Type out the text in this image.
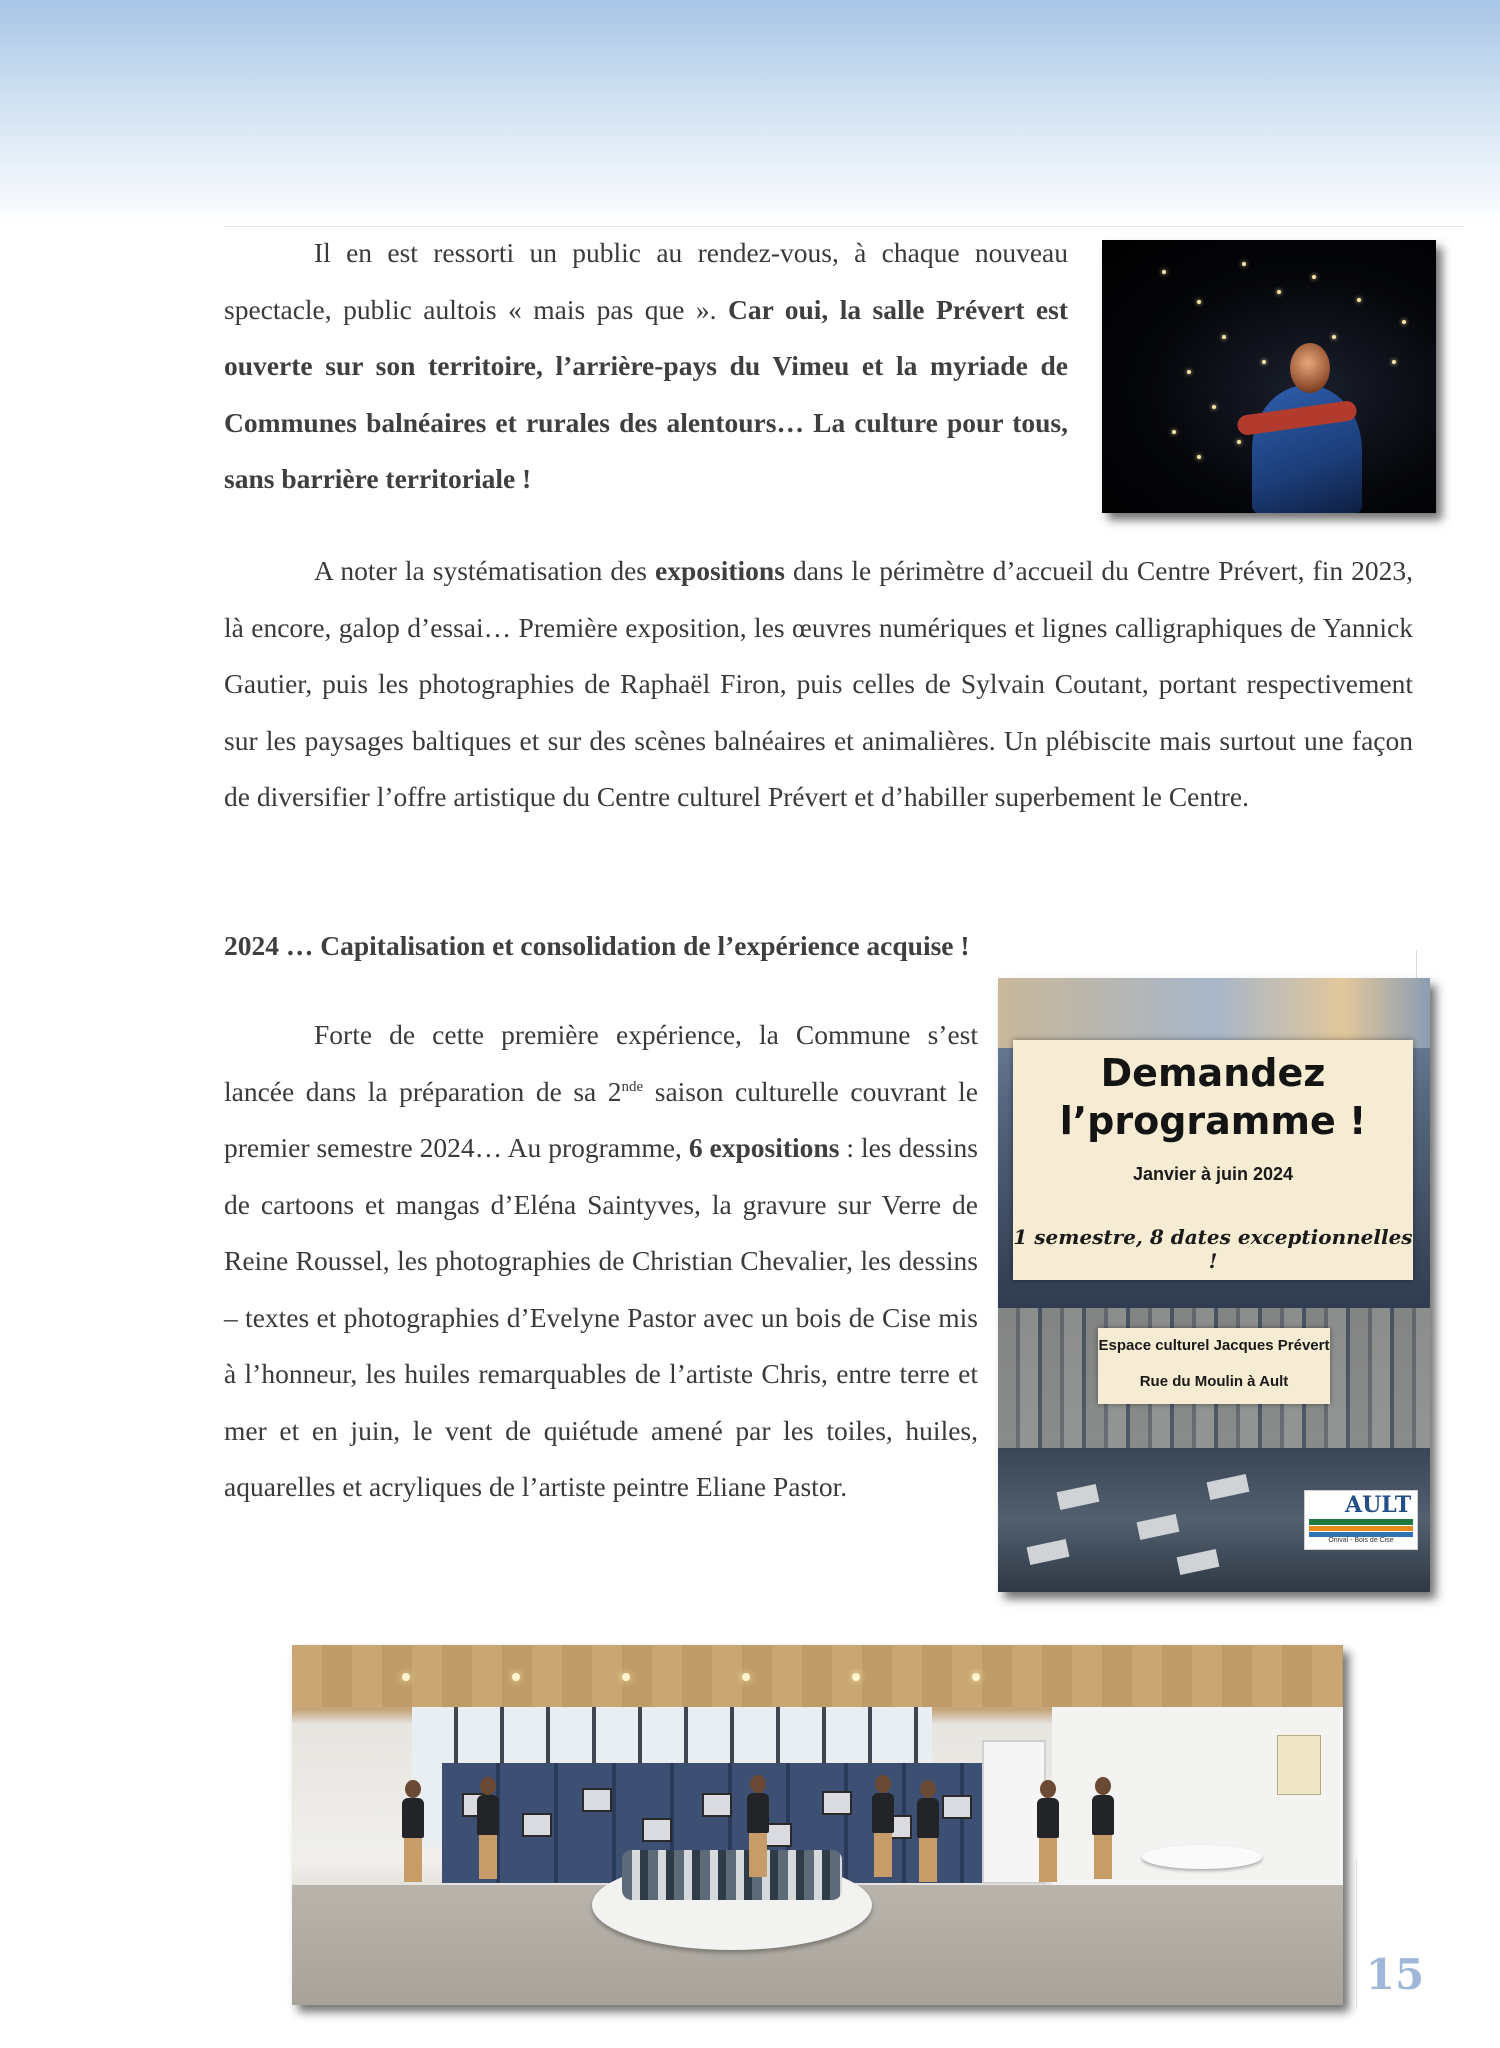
Il en est ressorti un public au rendez-vous, à chaque nouveau spectacle, public aultois « mais pas que ». Car oui, la salle Prévert est ouverte sur son territoire, l’arrière-pays du Vimeu et la myriade de Communes balnéaires et rurales des alentours… La culture pour tous, sans barrière territoriale !

A noter la systématisation des expositions dans le périmètre d’accueil du Centre Prévert, fin 2023, là encore, galop d’essai… Première exposition, les œuvres numériques et lignes calligraphiques de Yannick Gautier, puis les photographies de Raphaël Firon, puis celles de Sylvain Coutant, portant respectivement sur les paysages baltiques et sur des scènes balnéaires et animalières. Un plébiscite mais surtout une façon de diversifier l’offre artistique du Centre culturel Prévert et d’habiller superbement le Centre.

2024 … Capitalisation et consolidation de l’expérience acquise !

Forte de cette première expérience, la Commune s’est lancée dans la préparation de sa 2nde saison culturelle couvrant le premier semestre 2024… Au programme, 6 expositions : les dessins de cartoons et mangas d’Eléna Saintyves, la gravure sur Verre de Reine Roussel, les photographies de Christian Chevalier, les dessins – textes et photographies d’Evelyne Pastor avec un bois de Cise mis à l’honneur, les huiles remarquables de l’artiste Chris, entre terre et mer et en juin, le vent de quiétude amené par les toiles, huiles, aquarelles et acryliques de l’artiste peintre Eliane Pastor.

Demandez
l’programme !
Janvier à juin 2024
1 semestre, 8 dates exceptionnelles !
Espace culturel Jacques Prévert
Rue du Moulin à Ault
AULT
Onival - Bois de Cise
15
